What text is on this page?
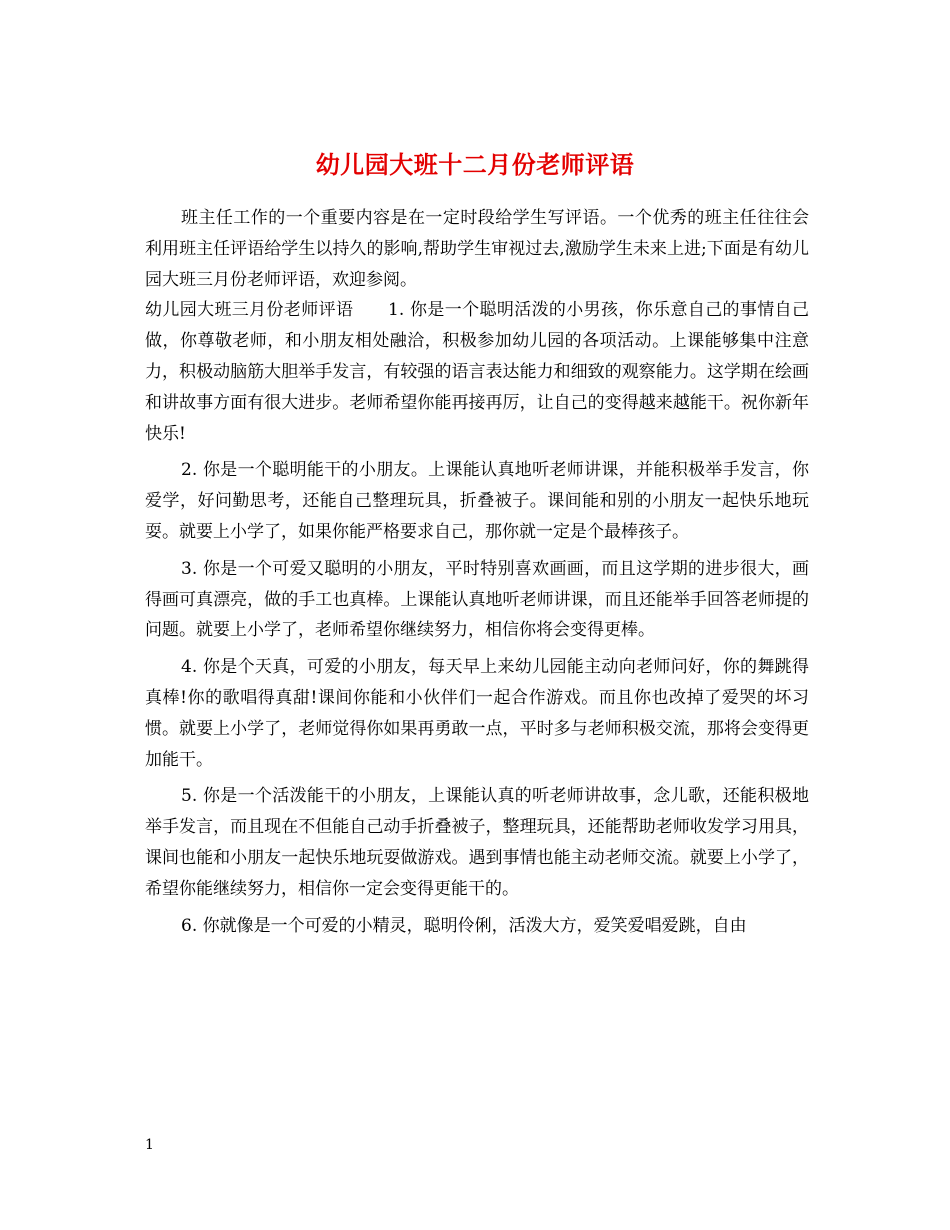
幼儿园大班十二月份老师评语

班主任工作的一个重要内容是在一定时段给学生写评语。一个优秀的班主任往往会利用班主任评语给学生以持久的影响,帮助学生审视过去,激励学生未来上进;下面是有幼儿园大班三月份老师评语，欢迎参阅。

幼儿园大班三月份老师评语　　1. 你是一个聪明活泼的小男孩，你乐意自己的事情自己做，你尊敬老师，和小朋友相处融洽，积极参加幼儿园的各项活动。上课能够集中注意力，积极动脑筋大胆举手发言，有较强的语言表达能力和细致的观察能力。这学期在绘画和讲故事方面有很大进步。老师希望你能再接再厉，让自己的变得越来越能干。祝你新年快乐!

2. 你是一个聪明能干的小朋友。上课能认真地听老师讲课，并能积极举手发言，你爱学，好问勤思考，还能自己整理玩具，折叠被子。课间能和别的小朋友一起快乐地玩耍。就要上小学了，如果你能严格要求自己，那你就一定是个最棒孩子。

3. 你是一个可爱又聪明的小朋友，平时特别喜欢画画，而且这学期的进步很大，画得画可真漂亮，做的手工也真棒。上课能认真地听老师讲课，而且还能举手回答老师提的问题。就要上小学了，老师希望你继续努力，相信你将会变得更棒。

4. 你是个天真，可爱的小朋友，每天早上来幼儿园能主动向老师问好，你的舞跳得真棒!你的歌唱得真甜!课间你能和小伙伴们一起合作游戏。而且你也改掉了爱哭的坏习惯。就要上小学了，老师觉得你如果再勇敢一点，平时多与老师积极交流，那将会变得更加能干。

5. 你是一个活泼能干的小朋友，上课能认真的听老师讲故事，念儿歌，还能积极地举手发言，而且现在不但能自己动手折叠被子，整理玩具，还能帮助老师收发学习用具，课间也能和小朋友一起快乐地玩耍做游戏。遇到事情也能主动老师交流。就要上小学了，希望你能继续努力，相信你一定会变得更能干的。

6. 你就像是一个可爱的小精灵，聪明伶俐，活泼大方，爱笑爱唱爱跳，自由

1
